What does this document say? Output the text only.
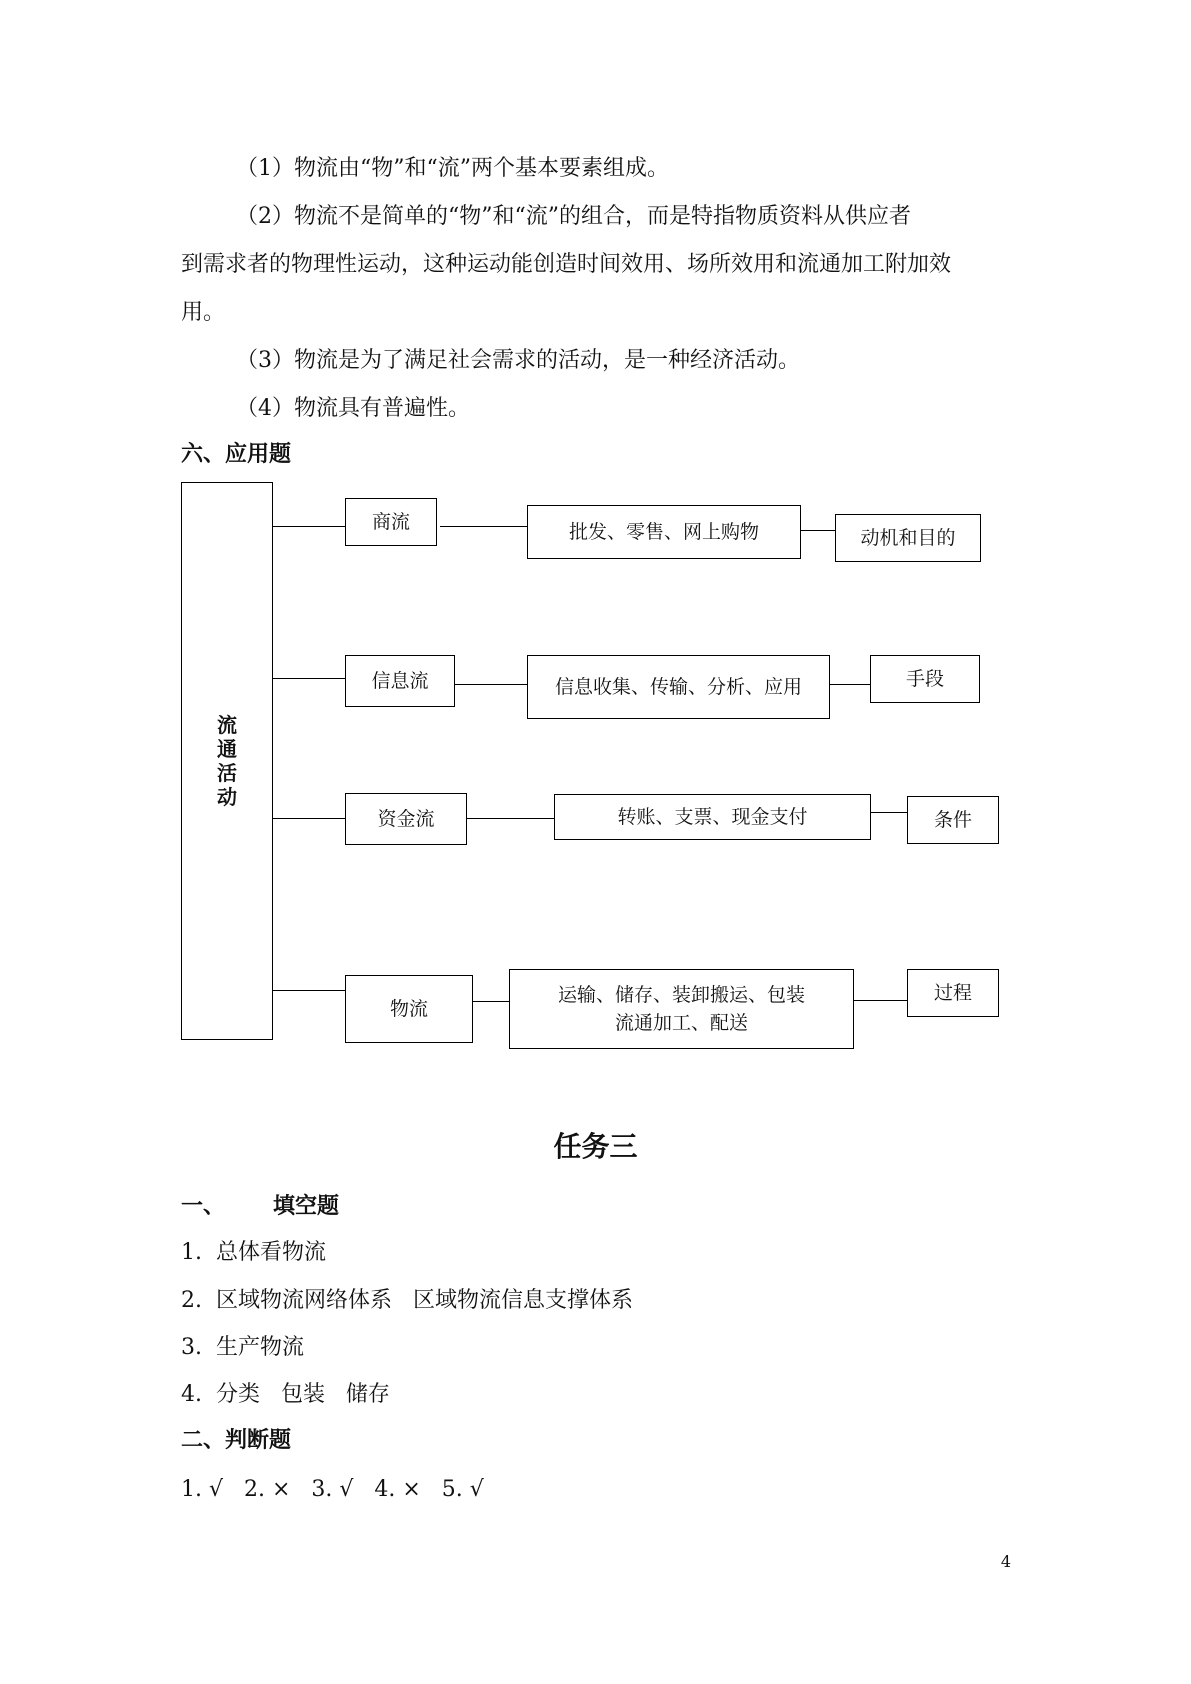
（1）物流由“物”和“流”两个基本要素组成。
（2）物流不是简单的“物”和“流”的组合，而是特指物质资料从供应者
到需求者的物理性运动，这种运动能创造时间效用、场所效用和流通加工附加效
用。
（3）物流是为了满足社会需求的活动，是一种经济活动。
（4）物流具有普遍性。
六、应用题
流通活动
商流	批发、零售、网上购物	动机和目的
信息流	信息收集、传输、分析、应用	手段
资金流	转账、支票、现金支付	条件
物流
运输、储存、装卸搬运、包装
流通加工、配送
过程
任务三
一、 填空题
1.  总体看物流
2.  区域物流网络体系   区域物流信息支撑体系
3.  生产物流
4.  分类   包装   储存
二、判断题
1. √   2. ×   3. √   4. ×   5. √
4
